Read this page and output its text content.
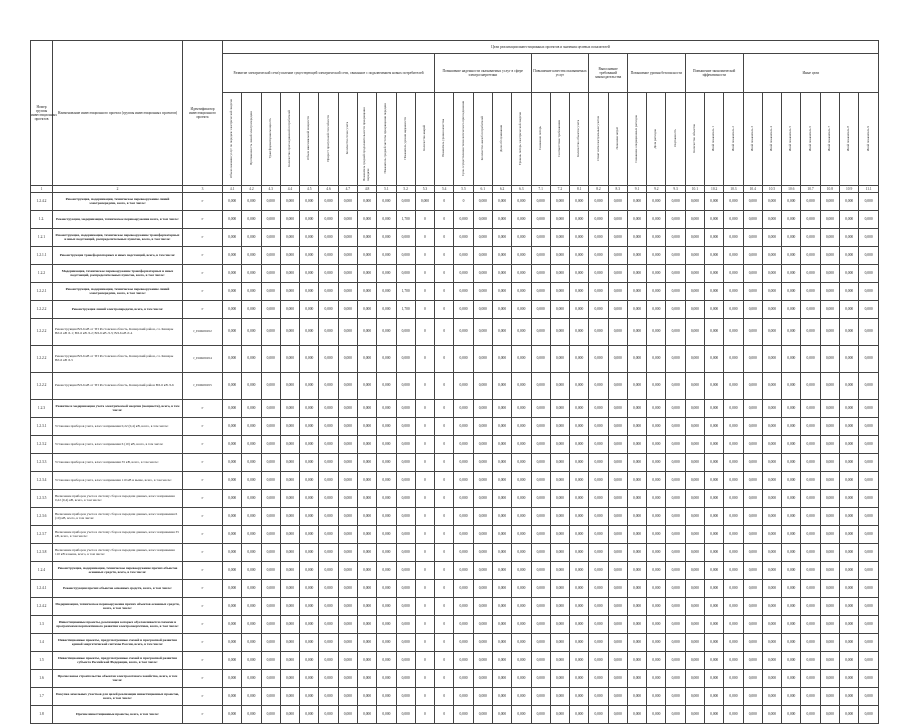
Номер группы инвестиционных проектов	Наименование инвестиционного проекта (группы инвестиционных проектов)	Идентификатор инвестиционного проекта	Цели реализации инвестиционных проектов и значения целевых показателей																																	
			Развитие электрической сети/усиление существующей электрической сети, связанное с подключением новых потребителей											Повышение надежности оказываемых услуг в сфере электроэнергетики					Повышение качества оказываемых услуг			Выполнение требований законодательства		Повышение уровня безопасности			Повышение экономической эффективности			Иные цели						
			Объем оказания услуг по передаче электрической энергии	Протяженность линий электропередачи	Трансформаторная мощность	Количество присоединений потребителей	Объем максимальной мощности	Прирост пропускной способности	Количество точек учета	Показатель средней продолжительности прекращения передачи	Показатель средней частоты прекращения передачи	Показатель уровня надежности	Количество аварий	Показатель уровня качества	Срок осуществления технологического присоединения	Количество жалоб потребителей	Доля обслуживания	Уровень потерь электрической энергии	Снижение потерь	Соответствие требованиям	Количество объектов учета	Охват интеллектуальным учетом	Экономия затрат	Снижение операционных расходов	Доля расходов	Окупаемость	Количество объектов	Иной показатель 1	Иной показатель 2	Иной показатель 3	Иной показатель 4	Иной показатель 5	Иной показатель 6	Иной показатель 7	Иной показатель 8	Иной показатель 9
1	2	3	4.1	4.2	4.3	4.4	4.5	4.6	4.7	4.8	5.1	5.2	5.3	5.4	5.5	6.1	6.2	6.3	7.1	7.2	8.1	8.2	8.3	9.1	9.2	9.3	10.1	10.2	10.3	10.4	10.5	10.6	10.7	10.8	10.9	11.1
1.2.4.2	Реконструкция, модернизация, техническое перевооружение линий электропередачи, всего, в том числе:	Г	0,000	0,000	0,000	0,000	0,000	0,000	0,000	0,000	0,000	0,000	0,000	0	0	0,000	0,000	0,000	0,000	0,000	0,000	0,000	0,000	0,000	0,000	0,000	0,000	0,000	0,000	0,000	0,000	0,000	0,000	0,000	0,000	0,000
1.2.	Реконструкция, модернизация, техническое перевооружение всего, в том числе:	Г	0,000	0,000	0,000	0,000	0,000	0,000	0,000	0,000	0,000	1,700	0	0	0,000	0,000	0,000	0,000	0,000	0,000	0,000	0,000	0,000	0,000	0,000	0,000	0,000	0,000	0,000	0,000	0,000	0,000	0,000	0,000	0,000	0,000
1.2.1	Реконструкция, модернизация, техническое перевооружение трансформаторных и иных подстанций, распределительных пунктов, всего, в том числе:	Г	0,000	0,000	0,000	0,000	0,000	0,000	0,000	0,000	0,000	0,000	0	0	0,000	0,000	0,000	0,000	0,000	0,000	0,000	0,000	0,000	0,000	0,000	0,000	0,000	0,000	0,000	0,000	0,000	0,000	0,000	0,000	0,000	0,000
1.2.1.1	Реконструкция трансформаторных и иных подстанций, всего, в том числе:	Г	0,000	0,000	0,000	0,000	0,000	0,000	0,000	0,000	0,000	0,000	0	0	0,000	0,000	0,000	0,000	0,000	0,000	0,000	0,000	0,000	0,000	0,000	0,000	0,000	0,000	0,000	0,000	0,000	0,000	0,000	0,000	0,000	0,000
1.2.2	Модернизация, техническое перевооружение трансформаторных и иных подстанций, распределительных пунктов, всего, в том числе:	Г	0,000	0,000	0,000	0,000	0,000	0,000	0,000	0,000	0,000	0,000	0	0	0,000	0,000	0,000	0,000	0,000	0,000	0,000	0,000	0,000	0,000	0,000	0,000	0,000	0,000	0,000	0,000	0,000	0,000	0,000	0,000	0,000	0,000
1.2.2.1	Реконструкция, модернизация, техническое перевооружение линий электропередачи, всего, в том числе:	Г	0,000	0,000	0,000	0,000	0,000	0,000	0,000	0,000	0,000	1,700	0	0	0,000	0,000	0,000	0,000	0,000	0,000	0,000	0,000	0,000	0,000	0,000	0,000	0,000	0,000	0,000	0,000	0,000	0,000	0,000	0,000	0,000	0,000
1.2.2.2	Реконструкция линий электропередачи, всего, в том числе:	Г	0,000	0,000	0,000	0,000	0,000	0,000	0,000	0,000	0,000	1,700	0	0	0,000	0,000	0,000	0,000	0,000	0,000	0,000	0,000	0,000	0,000	0,000	0,000	0,000	0,000	0,000	0,000	0,000	0,000	0,000	0,000	0,000	0,000
1.2.2.2	Реконструкция ВЛ-6 кВ от ТП Ростовская область, Кашарский район, сл. Кашары ВЛ-6 кВ Л-1; ВЛ-6 кВ Л-2; ВЛ-6 кВ Л-3; ВЛ-6 кВ Л-4	J_ПОК00452	0,000	0,000	0,000	0,000	0,000	0,000	0,000	0,000	0,000	0,000	0	0	0,000	0,000	0,000	0,000	0,000	0,000	0,000	0,000	0,000	0,000	0,000	0,000	0,000	0,000	0,000	0,000	0,000	0,000	0,000	0,000	0,000	0,000
1.2.2.2	Реконструкция ВЛ-6 кВ от ТП Ростовская область, Кашарский район, сл. Кашары ВЛ-6 кВ Л-5	J_ПОК00454	0,000	0,000	0,000	0,000	0,000	0,000	0,000	0,000	0,000	0,000	0	0	0,000	0,000	0,000	0,000	0,000	0,000	0,000	0,000	0,000	0,000	0,000	0,000	0,000	0,000	0,000	0,000	0,000	0,000	0,000	0,000	0,000	0,000
1.2.2.2	Реконструкция ВЛ-6 кВ от ТП Ростовская область, Кашарский район ВЛ-6 кВ Л-6	J_ПОК00455	0,000	0,000	0,000	0,000	0,000	0,000	0,000	0,000	0,000	0,000	0	0	0,000	0,000	0,000	0,000	0,000	0,000	0,000	0,000	0,000	0,000	0,000	0,000	0,000	0,000	0,000	0,000	0,000	0,000	0,000	0,000	0,000	0,000
1.2.3	Развитие и модернизация учета электрической энергии (мощности), всего, в том числе:	Г	0,000	0,000	0,000	0,000	0,000	0,000	0,000	0,000	0,000	0,000	0	0	0,000	0,000	0,000	0,000	0,000	0,000	0,000	0,000	0,000	0,000	0,000	0,000	0,000	0,000	0,000	0,000	0,000	0,000	0,000	0,000	0,000	0,000
1.2.3.1	Установка приборов учета, класс напряжения 0,22 (0,4) кВ, всего, в том числе:	Г	0,000	0,000	0,000	0,000	0,000	0,000	0,000	0,000	0,000	0,000	0	0	0,000	0,000	0,000	0,000	0,000	0,000	0,000	0,000	0,000	0,000	0,000	0,000	0,000	0,000	0,000	0,000	0,000	0,000	0,000	0,000	0,000	0,000
1.2.3.2	Установка приборов учета, класс напряжения 6 (10) кВ, всего, в том числе:	Г	0,000	0,000	0,000	0,000	0,000	0,000	0,000	0,000	0,000	0,000	0	0	0,000	0,000	0,000	0,000	0,000	0,000	0,000	0,000	0,000	0,000	0,000	0,000	0,000	0,000	0,000	0,000	0,000	0,000	0,000	0,000	0,000	0,000
1.2.3.3	Установка приборов учета, класс напряжения 35 кВ, всего, в том числе:	Г	0,000	0,000	0,000	0,000	0,000	0,000	0,000	0,000	0,000	0,000	0	0	0,000	0,000	0,000	0,000	0,000	0,000	0,000	0,000	0,000	0,000	0,000	0,000	0,000	0,000	0,000	0,000	0,000	0,000	0,000	0,000	0,000	0,000
1.2.3.4	Установка приборов учета, класс напряжения 110 кВ и выше, всего, в том числе:	Г	0,000	0,000	0,000	0,000	0,000	0,000	0,000	0,000	0,000	0,000	0	0	0,000	0,000	0,000	0,000	0,000	0,000	0,000	0,000	0,000	0,000	0,000	0,000	0,000	0,000	0,000	0,000	0,000	0,000	0,000	0,000	0,000	0,000
1.2.3.5	Включение приборов учета в систему сбора и передачи данных, класс напряжения 0,22 (0,4) кВ, всего, в том числе:	Г	0,000	0,000	0,000	0,000	0,000	0,000	0,000	0,000	0,000	0,000	0	0	0,000	0,000	0,000	0,000	0,000	0,000	0,000	0,000	0,000	0,000	0,000	0,000	0,000	0,000	0,000	0,000	0,000	0,000	0,000	0,000	0,000	0,000
1.2.3.6	Включение приборов учета в систему сбора и передачи данных, класс напряжения 6 (10) кВ, всего, в том числе:	Г	0,000	0,000	0,000	0,000	0,000	0,000	0,000	0,000	0,000	0,000	0	0	0,000	0,000	0,000	0,000	0,000	0,000	0,000	0,000	0,000	0,000	0,000	0,000	0,000	0,000	0,000	0,000	0,000	0,000	0,000	0,000	0,000	0,000
1.2.3.7	Включение приборов учета в систему сбора и передачи данных, класс напряжения 35 кВ, всего, в том числе:	Г	0,000	0,000	0,000	0,000	0,000	0,000	0,000	0,000	0,000	0,000	0	0	0,000	0,000	0,000	0,000	0,000	0,000	0,000	0,000	0,000	0,000	0,000	0,000	0,000	0,000	0,000	0,000	0,000	0,000	0,000	0,000	0,000	0,000
1.2.3.8	Включение приборов учета в систему сбора и передачи данных, класс напряжения 110 кВ и выше, всего, в том числе:	Г	0,000	0,000	0,000	0,000	0,000	0,000	0,000	0,000	0,000	0,000	0	0	0,000	0,000	0,000	0,000	0,000	0,000	0,000	0,000	0,000	0,000	0,000	0,000	0,000	0,000	0,000	0,000	0,000	0,000	0,000	0,000	0,000	0,000
1.2.4	Реконструкция, модернизация, техническое перевооружение прочих объектов основных средств, всего, в том числе:	Г	0,000	0,000	0,000	0,000	0,000	0,000	0,000	0,000	0,000	0,000	0	0	0,000	0,000	0,000	0,000	0,000	0,000	0,000	0,000	0,000	0,000	0,000	0,000	0,000	0,000	0,000	0,000	0,000	0,000	0,000	0,000	0,000	0,000
1.2.4.1	Реконструкция прочих объектов основных средств, всего, в том числе:	Г	0,000	0,000	0,000	0,000	0,000	0,000	0,000	0,000	0,000	0,000	0	0	0,000	0,000	0,000	0,000	0,000	0,000	0,000	0,000	0,000	0,000	0,000	0,000	0,000	0,000	0,000	0,000	0,000	0,000	0,000	0,000	0,000	0,000
1.2.4.2	Модернизация, техническое перевооружение прочих объектов основных средств, всего, в том числе:	Г	0,000	0,000	0,000	0,000	0,000	0,000	0,000	0,000	0,000	0,000	0	0	0,000	0,000	0,000	0,000	0,000	0,000	0,000	0,000	0,000	0,000	0,000	0,000	0,000	0,000	0,000	0,000	0,000	0,000	0,000	0,000	0,000	0,000
1.3	Инвестиционные проекты, реализация которых обуславливается схемами и программами перспективного развития электроэнергетики, всего, в том числе:	Г	0,000	0,000	0,000	0,000	0,000	0,000	0,000	0,000	0,000	0,000	0	0	0,000	0,000	0,000	0,000	0,000	0,000	0,000	0,000	0,000	0,000	0,000	0,000	0,000	0,000	0,000	0,000	0,000	0,000	0,000	0,000	0,000	0,000
1.4	Инвестиционные проекты, предусмотренные схемой и программой развития единой энергетической системы России, всего, в том числе:	Г	0,000	0,000	0,000	0,000	0,000	0,000	0,000	0,000	0,000	0,000	0	0	0,000	0,000	0,000	0,000	0,000	0,000	0,000	0,000	0,000	0,000	0,000	0,000	0,000	0,000	0,000	0,000	0,000	0,000	0,000	0,000	0,000	0,000
1.5	Инвестиционные проекты, предусмотренные схемой и программой развития субъекта Российской Федерации, всего, в том числе:	Г	0,000	0,000	0,000	0,000	0,000	0,000	0,000	0,000	0,000	0,000	0	0	0,000	0,000	0,000	0,000	0,000	0,000	0,000	0,000	0,000	0,000	0,000	0,000	0,000	0,000	0,000	0,000	0,000	0,000	0,000	0,000	0,000	0,000
1.6	Прочее новое строительство объектов электросетевого хозяйства, всего, в том числе:	Г	0,000	0,000	0,000	0,000	0,000	0,000	0,000	0,000	0,000	0,000	0	0	0,000	0,000	0,000	0,000	0,000	0,000	0,000	0,000	0,000	0,000	0,000	0,000	0,000	0,000	0,000	0,000	0,000	0,000	0,000	0,000	0,000	0,000
1.7	Покупка земельных участков для целей реализации инвестиционных проектов, всего, в том числе:	Г	0,000	0,000	0,000	0,000	0,000	0,000	0,000	0,000	0,000	0,000	0	0	0,000	0,000	0,000	0,000	0,000	0,000	0,000	0,000	0,000	0,000	0,000	0,000	0,000	0,000	0,000	0,000	0,000	0,000	0,000	0,000	0,000	0,000
1.8	Прочие инвестиционные проекты, всего, в том числе:	Г	0,000	0,000	0,000	0,000	0,000	0,000	0,000	0,000	0,000	0,000	0	0	0,000	0,000	0,000	0,000	0,000	0,000	0,000	0,000	0,000	0,000	0,000	0,000	0,000	0,000	0,000	0,000	0,000	0,000	0,000	0,000	0,000	0,000
